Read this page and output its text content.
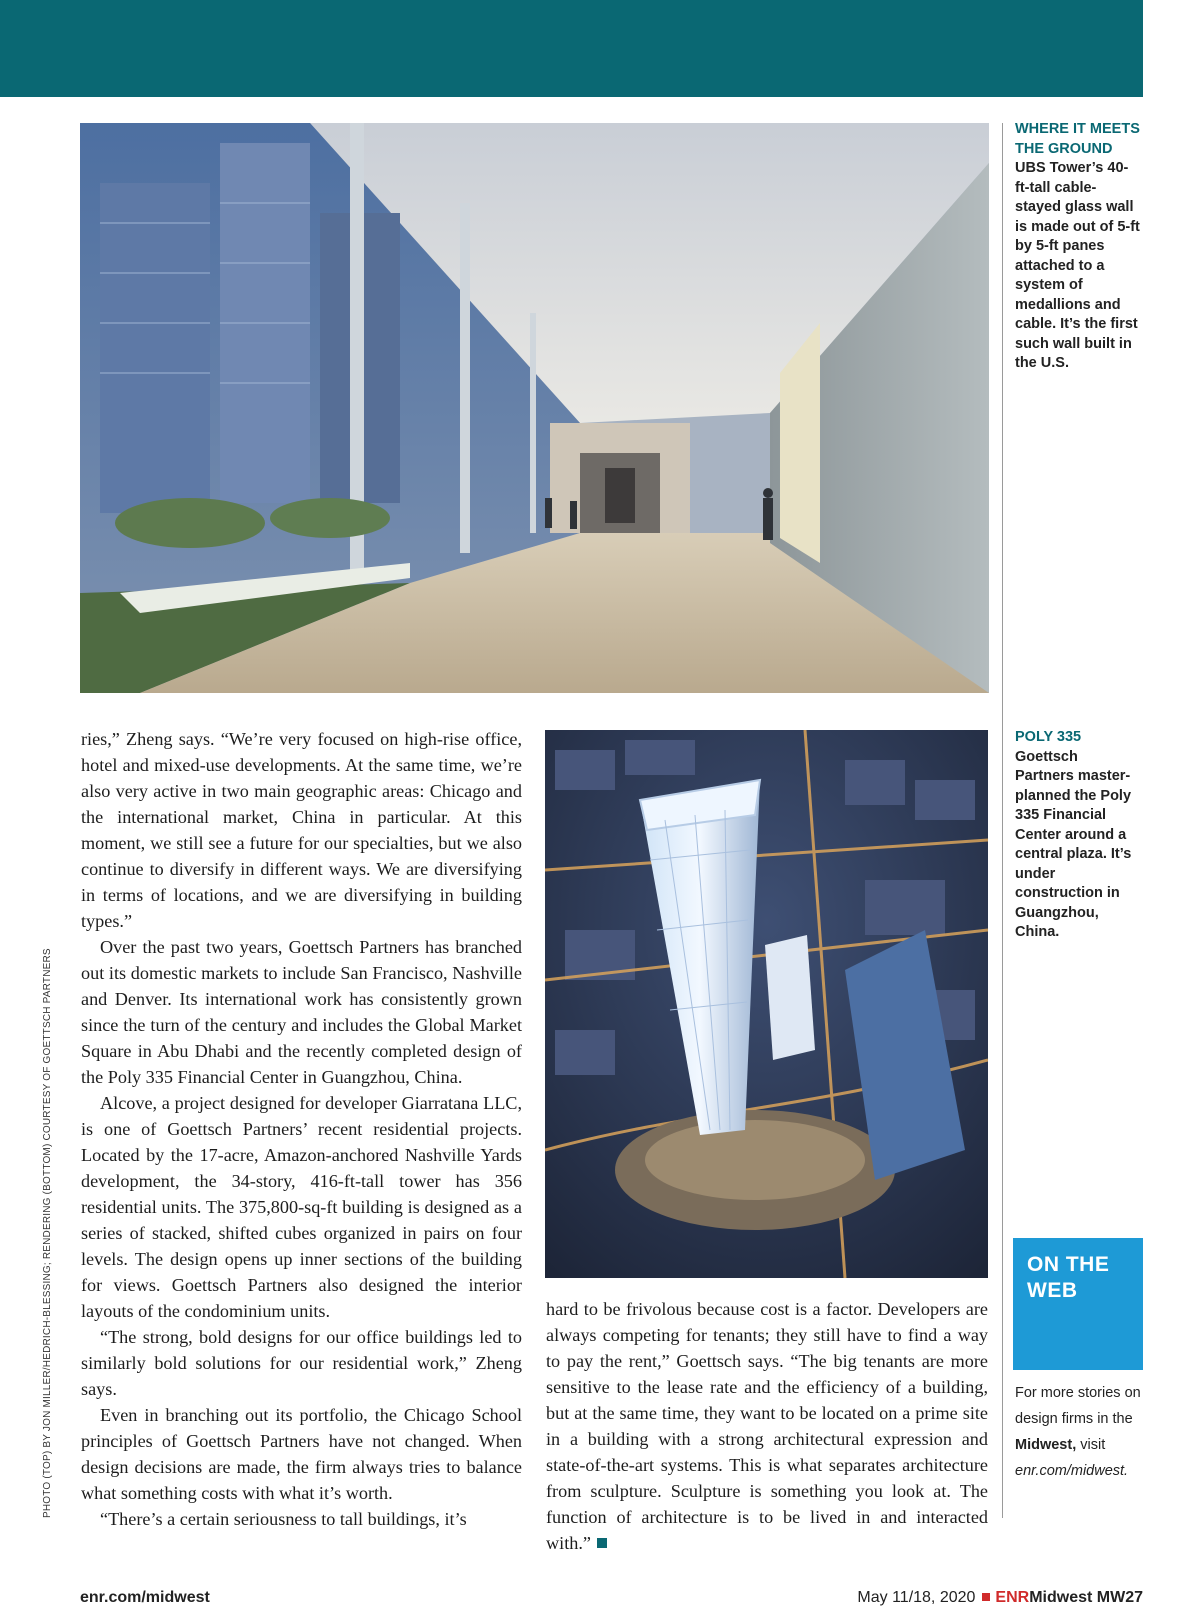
WHERE IT MEETS THE GROUND
UBS Tower’s 40-ft-tall cable-stayed glass wall is made out of 5-ft by 5-ft panes attached to a system of medallions and cable. It’s the first such wall built in the U.S.
POLY 335
Goettsch Partners master-planned the Poly 335 Financial Center around a central plaza. It’s under construction in Guangzhou, China.

ries,” Zheng says. “We’re very focused on high-rise office, hotel and mixed-use developments. At the same time, we’re also very active in two main geographic areas: Chicago and the international market, China in particular. At this moment, we still see a future for our specialties, but we also continue to diversify in different ways. We are diversifying in terms of locations, and we are diversifying in building types.”

Over the past two years, Goettsch Partners has branched out its domestic markets to include San Francisco, Nashville and Denver. Its international work has consistently grown since the turn of the century and includes the Global Market Square in Abu Dhabi and the recently completed design of the Poly 335 Financial Center in Guangzhou, China.

Alcove, a project designed for developer Giarratana LLC, is one of Goettsch Partners’ recent residential projects. Located by the 17-acre, Amazon-anchored Nashville Yards development, the 34-story, 416-ft-tall tower has 356 residential units. The 375,800-sq-ft building is designed as a series of stacked, shifted cubes organized in pairs on four levels. The design opens up inner sections of the building for views. Goettsch Partners also designed the interior layouts of the condominium units.

“The strong, bold designs for our office buildings led to similarly bold solutions for our residential work,” Zheng says.

Even in branching out its portfolio, the Chicago School principles of Goettsch Partners have not changed. When design decisions are made, the firm always tries to balance what something costs with what it’s worth.

“There’s a certain seriousness to tall buildings, it’s

hard to be frivolous because cost is a factor. Developers are always competing for tenants; they still have to find a way to pay the rent,” Goettsch says. “The big tenants are more sensitive to the lease rate and the efficiency of a building, but at the same time, they want to be located on a prime site in a building with a strong architectural expression and state-of-the-art systems. This is what separates architecture from sculpture. Sculpture is something you look at. The function of architecture is to be lived in and interacted with.”

ON THE
WEB
For more stories on design firms in the Midwest, visit enr.com/midwest.
PHOTO (TOP) BY JON MILLER/HEDRICH-BLESSING; RENDERING (BOTTOM) COURTESY OF GOETTSCH PARTNERS
enr.com/midwest	May 11/18, 2020 ENRMidwest MW27
